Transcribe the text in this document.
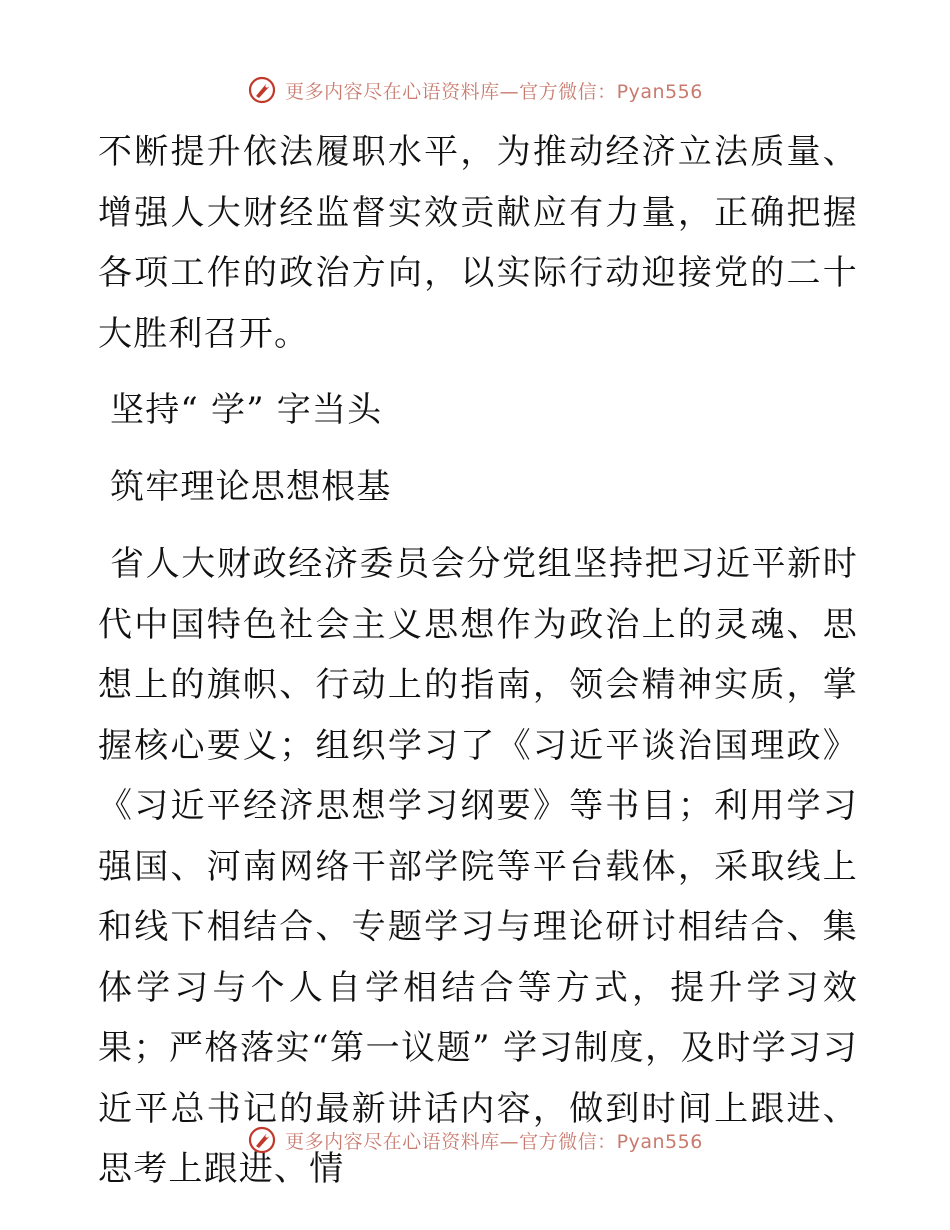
更多内容尽在心语资料库—官方微信：Pyan556

不断提升依法履职水平，为推动经济立法质量、增强人大财经监督实效贡献应有力量，正确把握各项工作的政治方向，以实际行动迎接党的二十大胜利召开。

坚持“ 学” 字当头

筑牢理论思想根基

省人大财政经济委员会分党组坚持把习近平新时代中国特色社会主义思想作为政治上的灵魂、思想上的旗帜、行动上的指南，领会精神实质，掌握核心要义；组织学习了《习近平谈治国理政》 《习近平经济思想学习纲要》等书目；利用学习强国、河南网络干部学院等平台载体，采取线上和线下相结合、专题学习与理论研讨相结合、集体学习与个人自学相结合等方式，提升学习效果；严格落实“第一议题” 学习制度，及时学习习近平总书记的最新讲话内容，做到时间上跟进、思考上跟进、情

更多内容尽在心语资料库—官方微信：Pyan556
